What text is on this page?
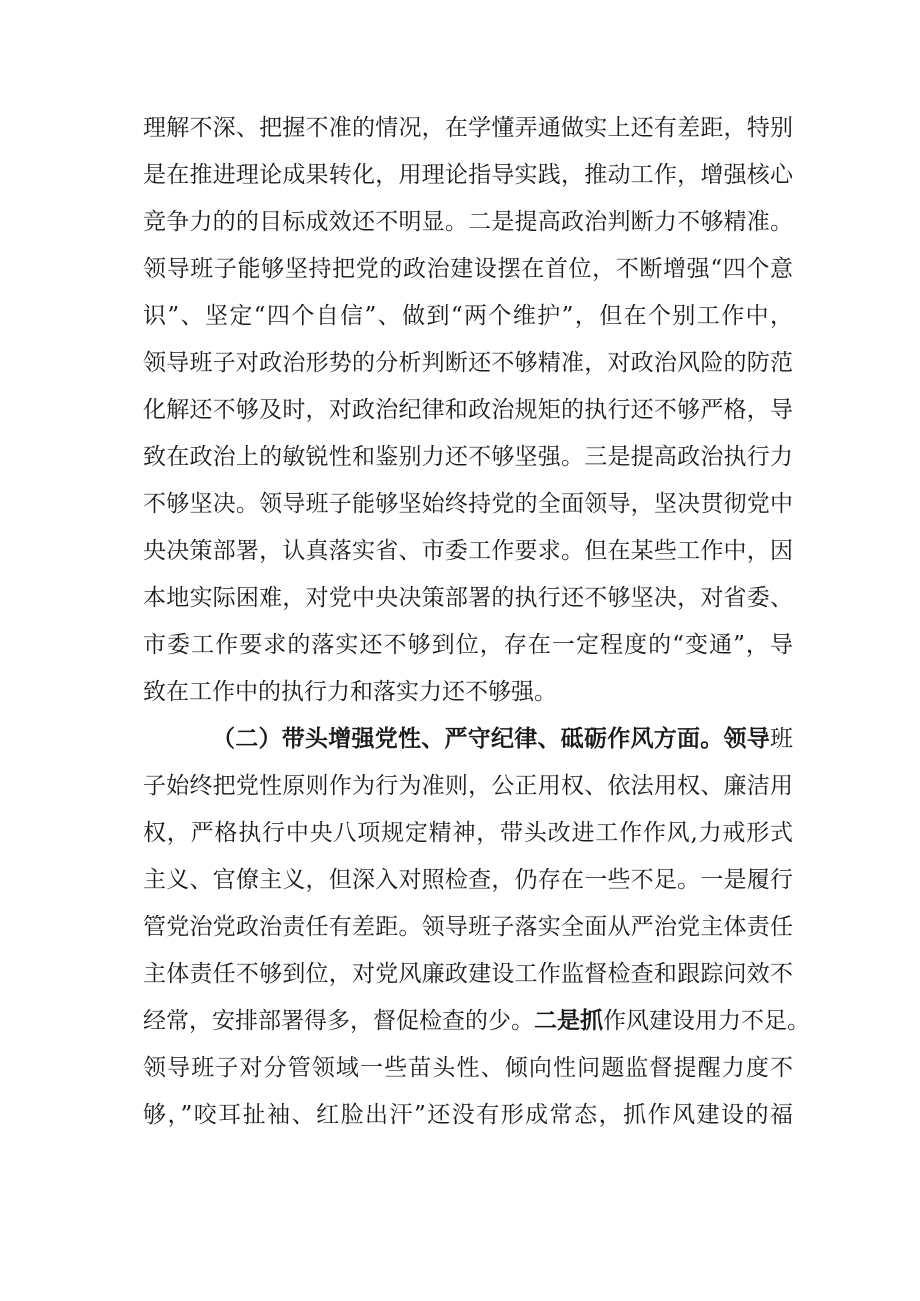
理解不深、把握不准的情况，在学懂弄通做实上还有差距，特别
是在推进理论成果转化，用理论指导实践，推动工作，增强核心
竞争力的的目标成效还不明显。二是提高政治判断力不够精准。
领导班子能够坚持把党的政治建设摆在首位，不断增强“四个意
识”、坚定“四个自信”、做到“两个维护”，但在个别工作中，
领导班子对政治形势的分析判断还不够精准，对政治风险的防范
化解还不够及时，对政治纪律和政治规矩的执行还不够严格，导
致在政治上的敏锐性和鉴别力还不够坚强。三是提高政治执行力
不够坚决。领导班子能够坚始终持党的全面领导，坚决贯彻党中
央决策部署，认真落实省、市委工作要求。但在某些工作中，因
本地实际困难，对党中央决策部署的执行还不够坚决，对省委、
市委工作要求的落实还不够到位，存在一定程度的“变通”，导
致在工作中的执行力和落实力还不够强。
（二）带头增强党性、严守纪律、砥砺作风方面。领导班
子始终把党性原则作为行为准则，公正用权、依法用权、廉洁用
权，严格执行中央八项规定精神，带头改进工作作风,力戒形式
主义、官僚主义，但深入对照检查，仍存在一些不足。一是履行
管党治党政治责任有差距。领导班子落实全面从严治党主体责任
主体责任不够到位，对党风廉政建设工作监督检查和跟踪问效不
经常，安排部署得多，督促检查的少。二是抓作风建设用力不足。
领导班子对分管领域一些苗头性、倾向性问题监督提醒力度不
够，”咬耳扯袖、红脸出汗”还没有形成常态，抓作风建设的福
